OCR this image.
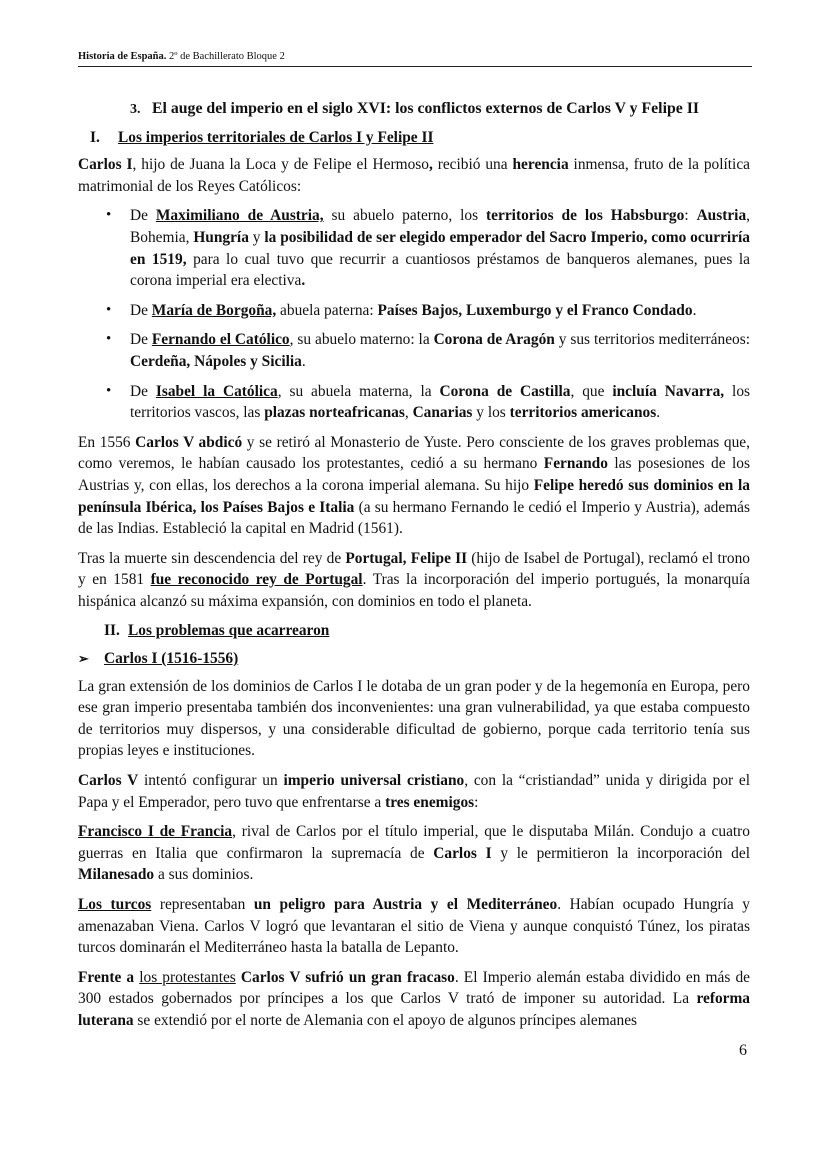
Historia de España. 2º de Bachillerato Bloque 2
3. El auge del imperio en el siglo XVI: los conflictos externos de Carlos V y Felipe II
I. Los imperios territoriales de Carlos I y Felipe II

Carlos I, hijo de Juana la Loca y de Felipe el Hermoso, recibió una herencia inmensa, fruto de la política matrimonial de los Reyes Católicos:

• De Maximiliano de Austria, su abuelo paterno, los territorios de los Habsburgo: Austria, Bohemia, Hungría y la posibilidad de ser elegido emperador del Sacro Imperio, como ocurriría en 1519, para lo cual tuvo que recurrir a cuantiosos préstamos de banqueros alemanes, pues la corona imperial era electiva.
• De María de Borgoña, abuela paterna: Países Bajos, Luxemburgo y el Franco Condado.
• De Fernando el Católico, su abuelo materno: la Corona de Aragón y sus territorios mediterráneos: Cerdeña, Nápoles y Sicilia.
• De Isabel la Católica, su abuela materna, la Corona de Castilla, que incluía Navarra, los territorios vascos, las plazas norteafricanas, Canarias y los territorios americanos.

En 1556 Carlos V abdicó y se retiró al Monasterio de Yuste. Pero consciente de los graves problemas que, como veremos, le habían causado los protestantes, cedió a su hermano Fernando las posesiones de los Austrias y, con ellas, los derechos a la corona imperial alemana. Su hijo Felipe heredó sus dominios en la península Ibérica, los Países Bajos e Italia (a su hermano Fernando le cedió el Imperio y Austria), además de las Indias. Estableció la capital en Madrid (1561).

Tras la muerte sin descendencia del rey de Portugal, Felipe II (hijo de Isabel de Portugal), reclamó el trono y en 1581 fue reconocido rey de Portugal. Tras la incorporación del imperio portugués, la monarquía hispánica alcanzó su máxima expansión, con dominios en todo el planeta.

II. Los problemas que acarrearon
➢ Carlos I (1516-1556)

La gran extensión de los dominios de Carlos I le dotaba de un gran poder y de la hegemonía en Europa, pero ese gran imperio presentaba también dos inconvenientes: una gran vulnerabilidad, ya que estaba compuesto de territorios muy dispersos, y una considerable dificultad de gobierno, porque cada territorio tenía sus propias leyes e instituciones.

Carlos V intentó configurar un imperio universal cristiano, con la “cristiandad” unida y dirigida por el Papa y el Emperador, pero tuvo que enfrentarse a tres enemigos:

Francisco I de Francia, rival de Carlos por el título imperial, que le disputaba Milán. Condujo a cuatro guerras en Italia que confirmaron la supremacía de Carlos I y le permitieron la incorporación del Milanesado a sus dominios.

Los turcos representaban un peligro para Austria y el Mediterráneo. Habían ocupado Hungría y amenazaban Viena. Carlos V logró que levantaran el sitio de Viena y aunque conquistó Túnez, los piratas turcos dominarán el Mediterráneo hasta la batalla de Lepanto.

Frente a los protestantes Carlos V sufrió un gran fracaso. El Imperio alemán estaba dividido en más de 300 estados gobernados por príncipes a los que Carlos V trató de imponer su autoridad. La reforma luterana se extendió por el norte de Alemania con el apoyo de algunos príncipes alemanes

6
